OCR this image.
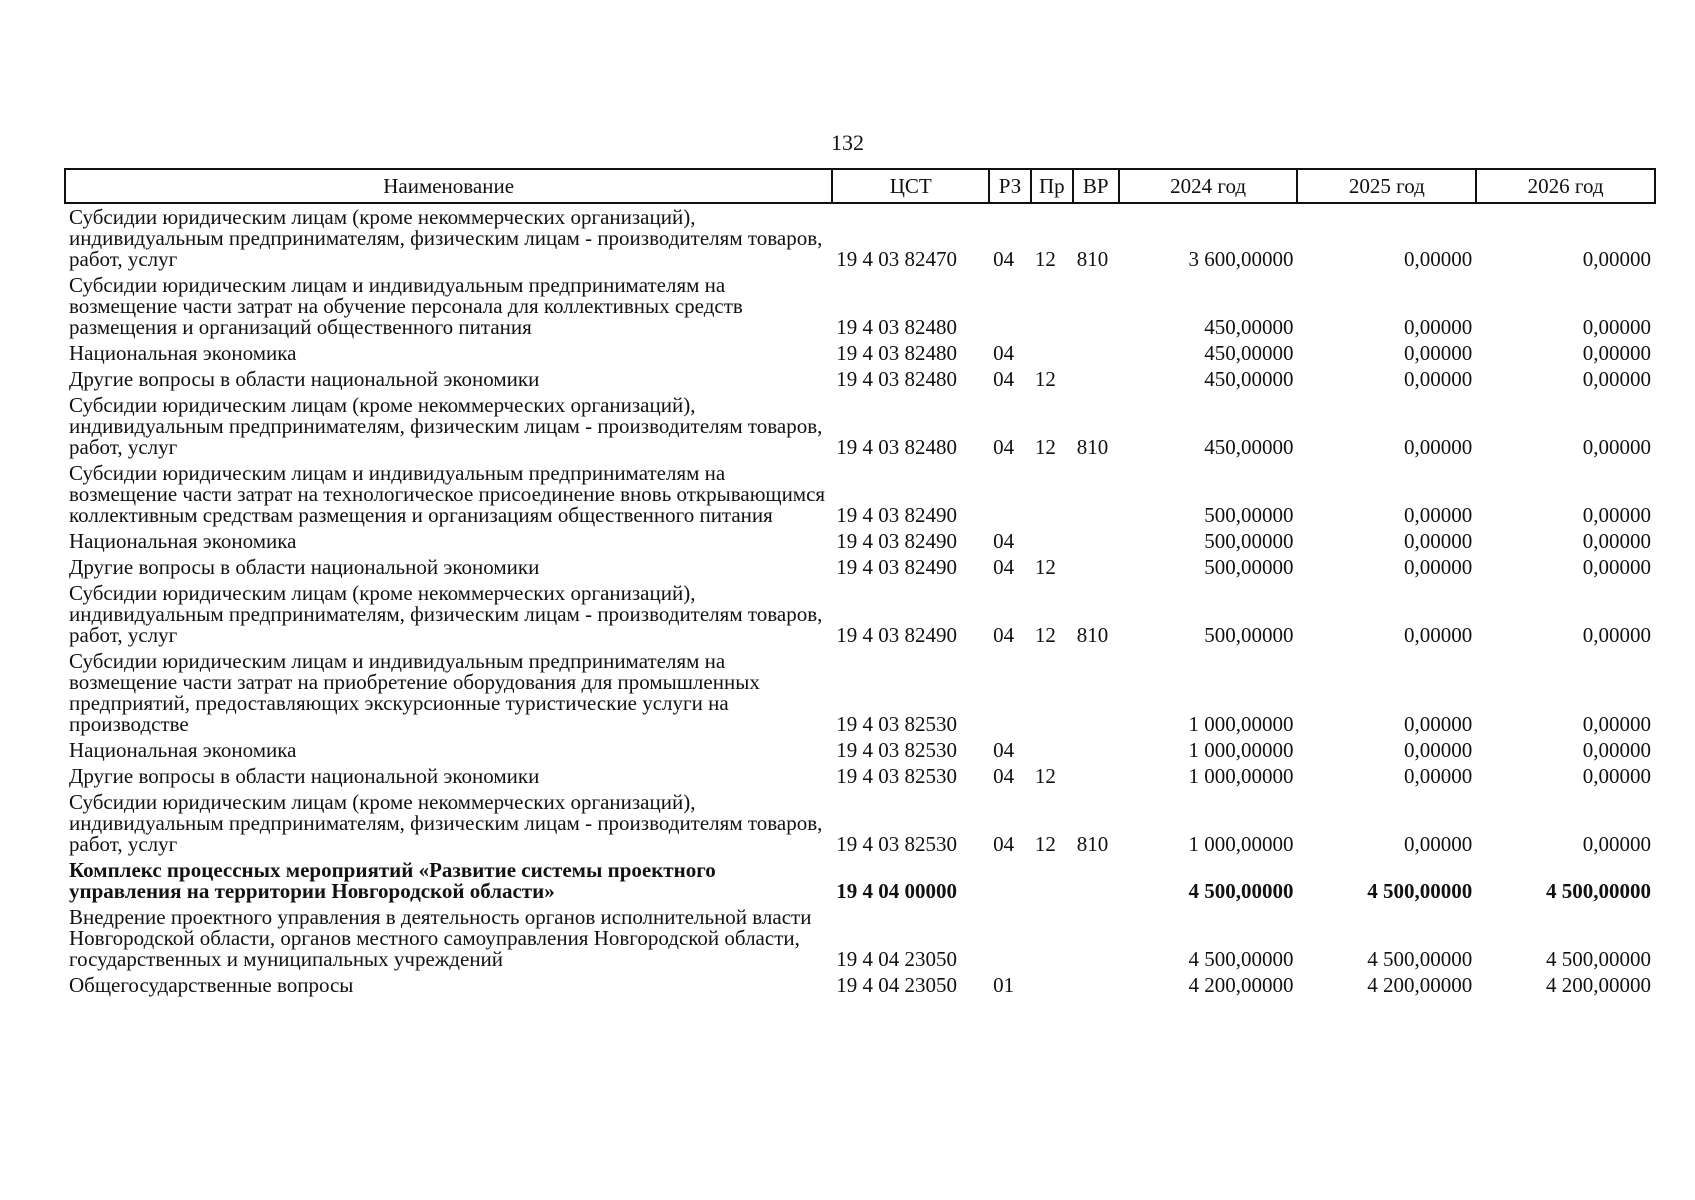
132
Наименование	ЦСТ	РЗ	Пр	ВР	2024 год	2025 год	2026 год
Субсидии юридическим лицам (кроме некоммерческих организаций), индивидуальным предпринимателям, физическим лицам - производителям товаров, работ, услуг	19 4 03 82470	04	12	810	3 600,00000	0,00000	0,00000
Субсидии юридическим лицам и индивидуальным предпринимателям на возмещение части затрат на обучение персонала для коллективных средств размещения и организаций общественного питания	19 4 03 82480				450,00000	0,00000	0,00000
Национальная экономика	19 4 03 82480	04			450,00000	0,00000	0,00000
Другие вопросы в области национальной экономики	19 4 03 82480	04	12		450,00000	0,00000	0,00000
Субсидии юридическим лицам (кроме некоммерческих организаций), индивидуальным предпринимателям, физическим лицам - производителям товаров, работ, услуг	19 4 03 82480	04	12	810	450,00000	0,00000	0,00000
Субсидии юридическим лицам и индивидуальным предпринимателям на возмещение части затрат на технологическое присоединение вновь открывающимся коллективным средствам размещения и организациям общественного питания	19 4 03 82490				500,00000	0,00000	0,00000
Национальная экономика	19 4 03 82490	04			500,00000	0,00000	0,00000
Другие вопросы в области национальной экономики	19 4 03 82490	04	12		500,00000	0,00000	0,00000
Субсидии юридическим лицам (кроме некоммерческих организаций), индивидуальным предпринимателям, физическим лицам - производителям товаров, работ, услуг	19 4 03 82490	04	12	810	500,00000	0,00000	0,00000
Субсидии юридическим лицам и индивидуальным предпринимателям на возмещение части затрат на приобретение оборудования для промышленных предприятий, предоставляющих экскурсионные туристические услуги на производстве	19 4 03 82530				1 000,00000	0,00000	0,00000
Национальная экономика	19 4 03 82530	04			1 000,00000	0,00000	0,00000
Другие вопросы в области национальной экономики	19 4 03 82530	04	12		1 000,00000	0,00000	0,00000
Субсидии юридическим лицам (кроме некоммерческих организаций), индивидуальным предпринимателям, физическим лицам - производителям товаров, работ, услуг	19 4 03 82530	04	12	810	1 000,00000	0,00000	0,00000
Комплекс процессных мероприятий «Развитие системы проектного управления на территории Новгородской области»	19 4 04 00000				4 500,00000	4 500,00000	4 500,00000
Внедрение проектного управления в деятельность органов исполнительной власти Новгородской области, органов местного самоуправления Новгородской области, государственных и муниципальных учреждений	19 4 04 23050				4 500,00000	4 500,00000	4 500,00000
Общегосударственные вопросы	19 4 04 23050	01			4 200,00000	4 200,00000	4 200,00000
